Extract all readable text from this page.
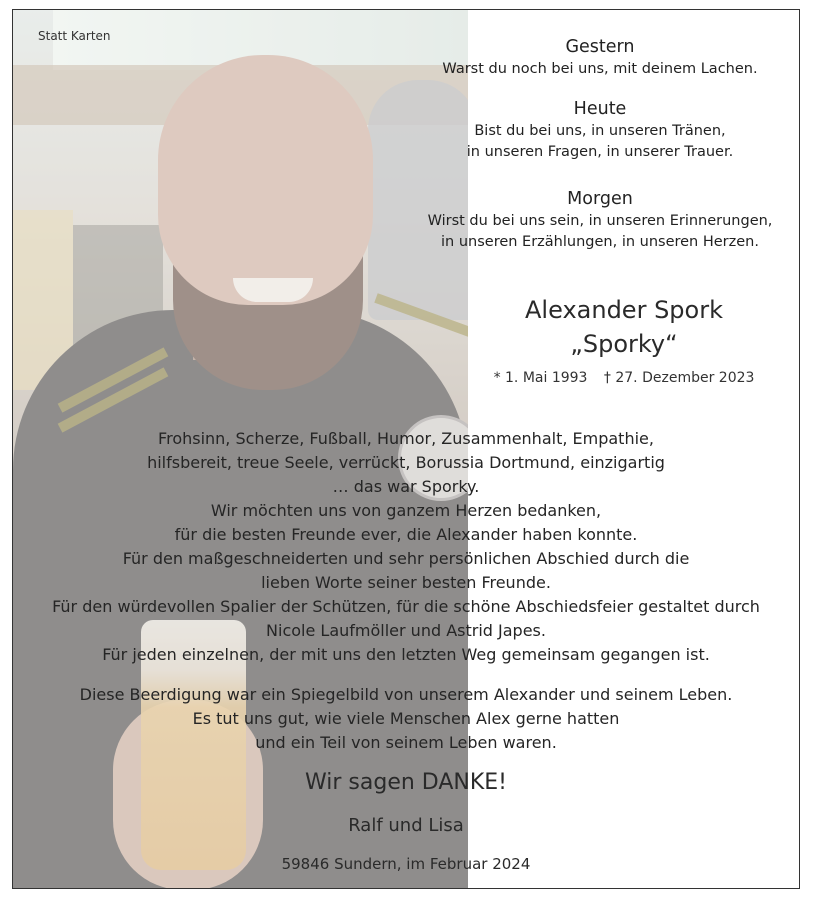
Statt Karten
Gestern
Warst du noch bei uns, mit deinem Lachen.
Heute
Bist du bei uns, in unseren Tränen,
in unseren Fragen, in unserer Trauer.
Morgen
Wirst du bei uns sein, in unseren Erinnerungen,
in unseren Erzählungen, in unseren Herzen.
Alexander Spork
„Sporky“
* 1. Mai 1993 † 27. Dezember 2023
Frohsinn, Scherze, Fußball, Humor, Zusammenhalt, Empathie,
hilfsbereit, treue Seele, verrückt, Borussia Dortmund, einzigartig
… das war Sporky.
Wir möchten uns von ganzem Herzen bedanken,
für die besten Freunde ever, die Alexander haben konnte.
Für den maßgeschneiderten und sehr persönlichen Abschied durch die
lieben Worte seiner besten Freunde.
Für den würdevollen Spalier der Schützen, für die schöne Abschiedsfeier gestaltet durch
Nicole Laufmöller und Astrid Japes.
Für jeden einzelnen, der mit uns den letzten Weg gemeinsam gegangen ist.
Diese Beerdigung war ein Spiegelbild von unserem Alexander und seinem Leben.
Es tut uns gut, wie viele Menschen Alex gerne hatten
und ein Teil von seinem Leben waren.
Wir sagen DANKE!
Ralf und Lisa
59846 Sundern, im Februar 2024
